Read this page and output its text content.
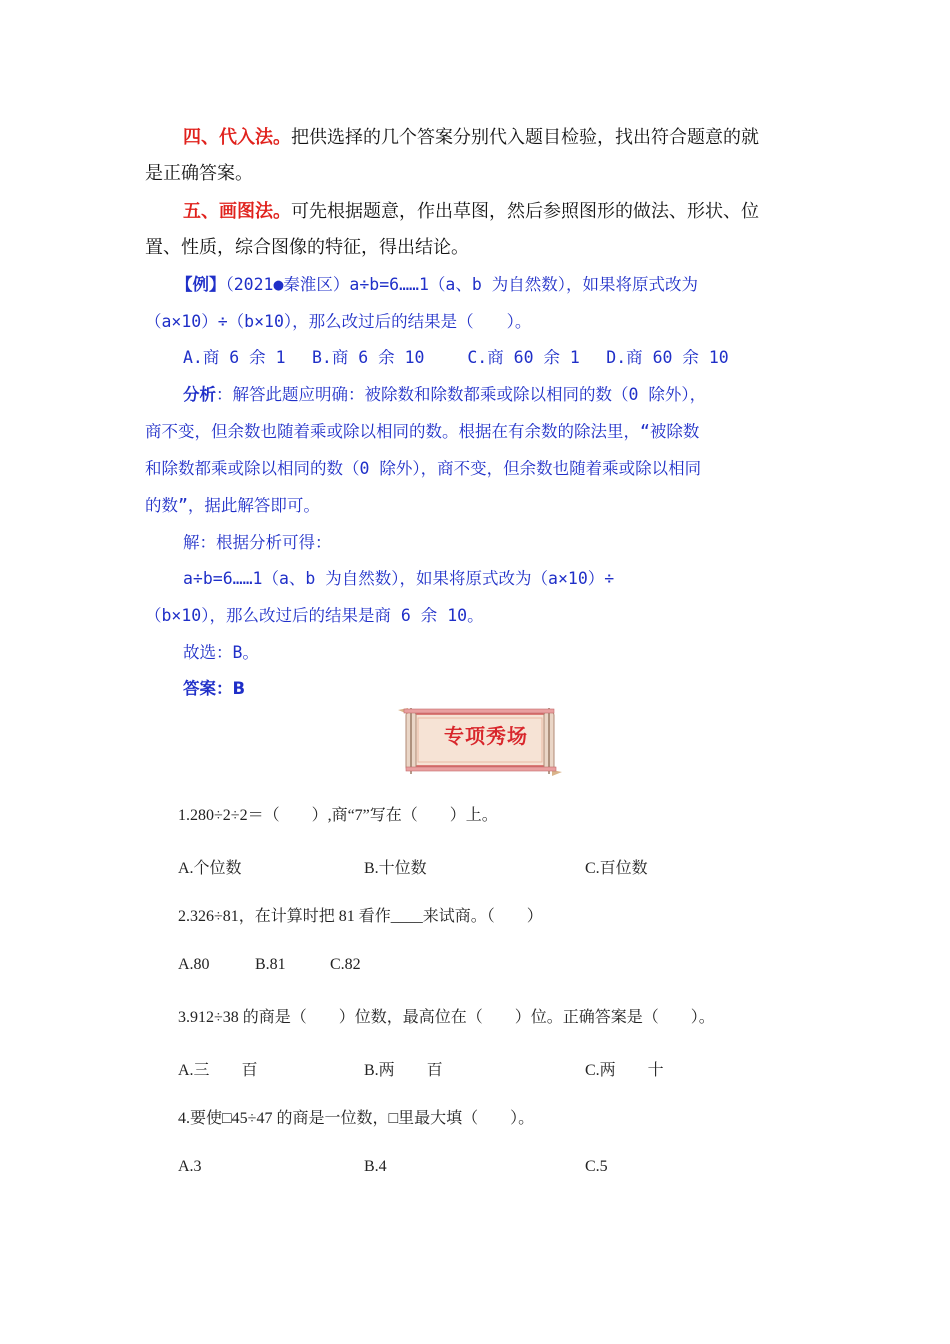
四、代入法。把供选择的几个答案分别代入题目检验，找出符合题意的就
是正确答案。
五、画图法。可先根据题意，作出草图，然后参照图形的做法、形状、位
置、性质，综合图像的特征，得出结论。
【例】（2021●秦淮区）a÷b=6……1（a、b 为自然数），如果将原式改为
（a×10）÷（b×10），那么改过后的结果是（　　）。
A.商 6 余 1　 B.商 6 余 10　　 C.商 60 余 1　 D.商 60 余 10
分析：解答此题应明确：被除数和除数都乘或除以相同的数（0 除外），
商不变，但余数也随着乘或除以相同的数。根据在有余数的除法里，“被除数
和除数都乘或除以相同的数（0 除外），商不变，但余数也随着乘或除以相同
的数”，据此解答即可。
解：根据分析可得：
a÷b=6……1（a、b 为自然数），如果将原式改为（a×10）÷
（b×10），那么改过后的结果是商 6 余 10。
故选：B。
答案：B
专项秀场
1.280÷2÷2＝（　　）,商“7”写在（　　）上。
A.个位数	B.十位数	C.百位数
2.326÷81，在计算时把 81 看作____来试商。（　　）
A.80	B.81	C.82
3.912÷38 的商是（　　）位数，最高位在（　　）位。正确答案是（　　）。
A.三　　百	B.两　　百	C.两　　十
4.要使□45÷47 的商是一位数，□里最大填（　　）。
A.3	B.4	C.5
